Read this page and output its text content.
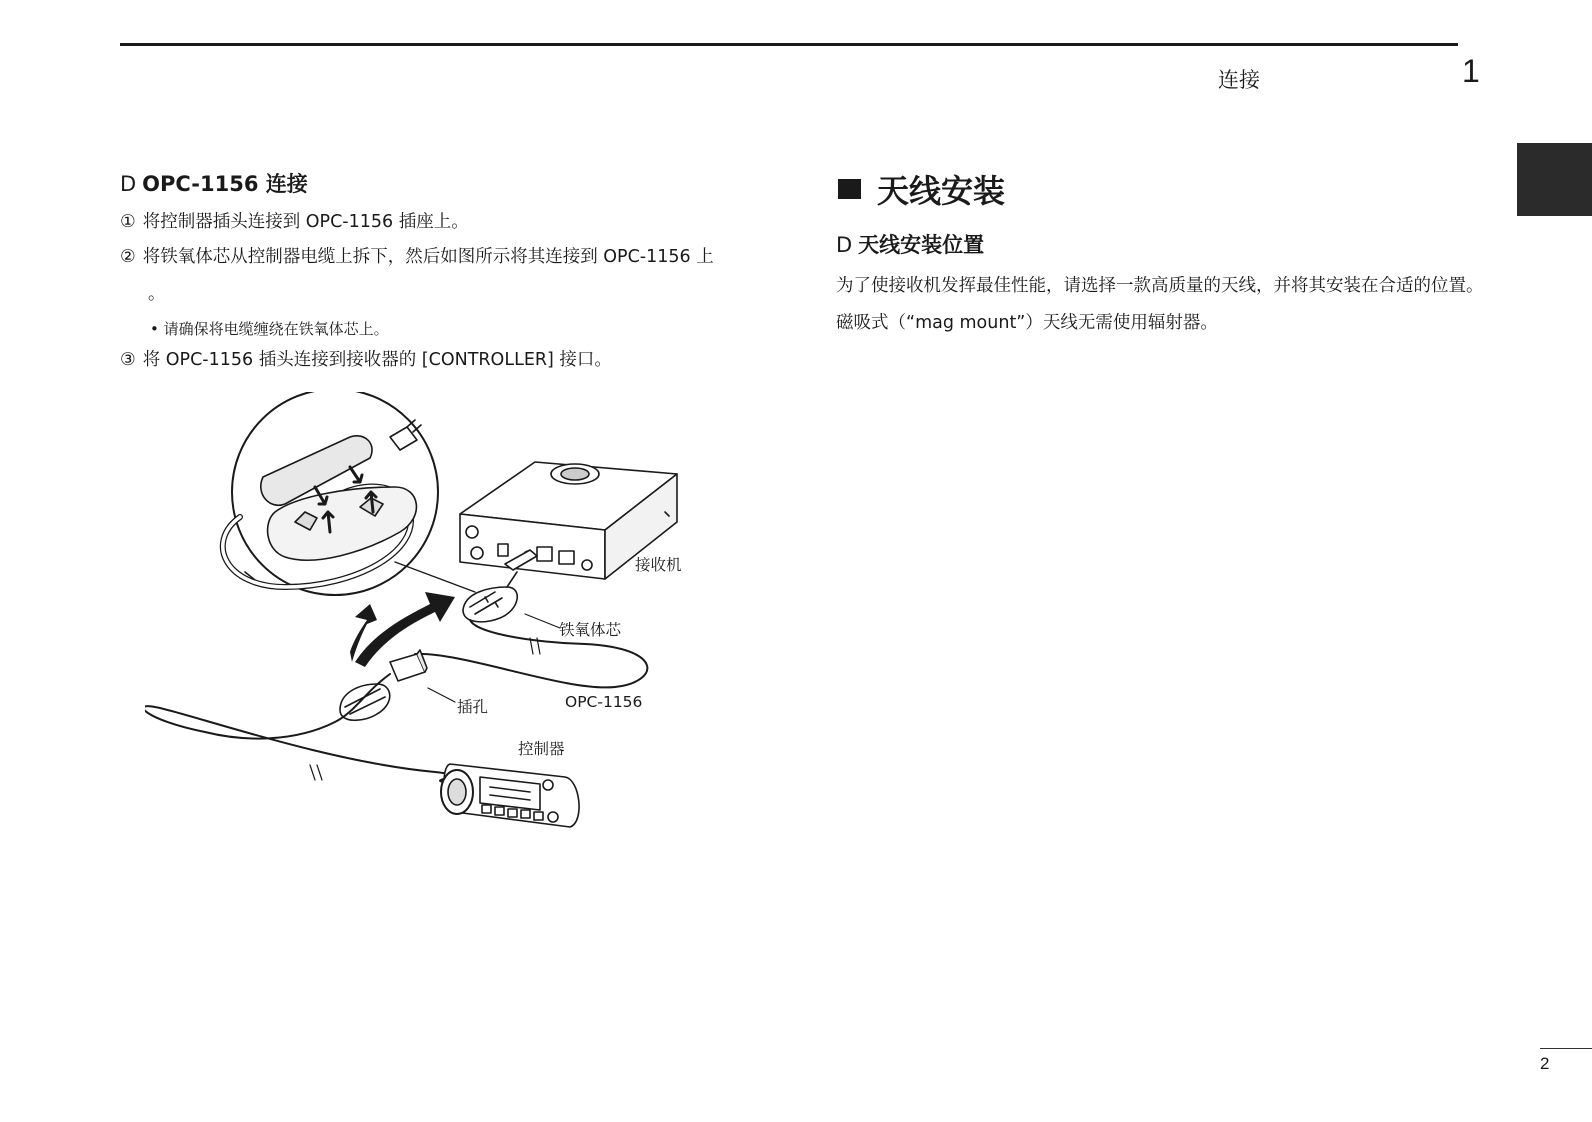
连接	1
D OPC-1156 连接
① 将控制器插头连接到 OPC-1156 插座上。
② 将铁氧体芯从控制器电缆上拆下，然后如图所示将其连接到 OPC-1156 上
。
• 请确保将电缆缠绕在铁氧体芯上。
③ 将 OPC-1156 插头连接到接收器的 [CONTROLLER] 接口。
接收机
铁氧体芯
插孔	OPC-1156
控制器
天线安装
D 天线安装位置
为了使接收机发挥最佳性能，请选择一款高质量的天线，并将其安装在合适的位置。磁吸式（“mag mount”）天线无需使用辐射器。
2
